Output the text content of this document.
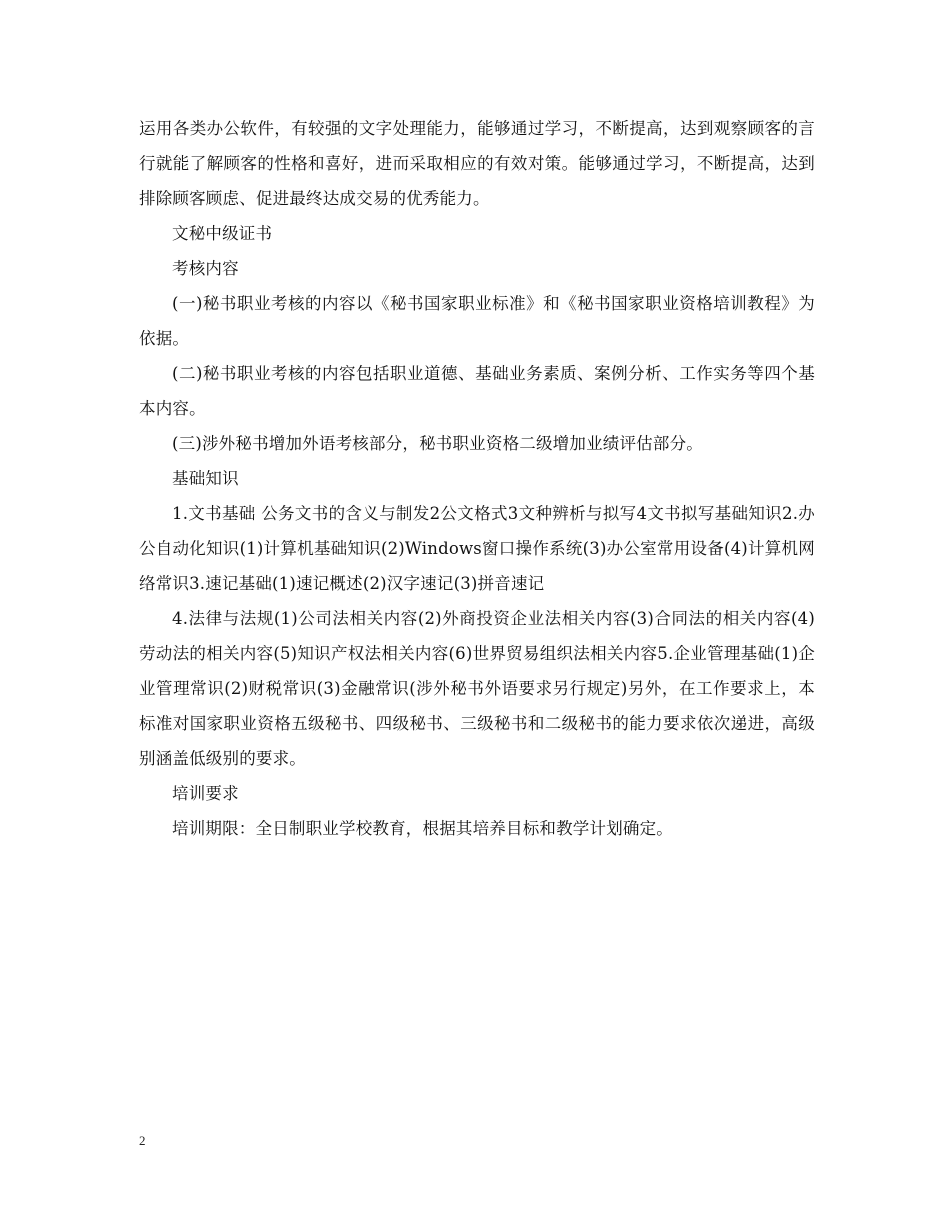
运用各类办公软件，有较强的文字处理能力，能够通过学习，不断提高，达到观察顾客的言行就能了解顾客的性格和喜好，进而采取相应的有效对策。能够通过学习，不断提高，达到排除顾客顾虑、促进最终达成交易的优秀能力。

文秘中级证书

考核内容

(一)秘书职业考核的内容以《秘书国家职业标准》和《秘书国家职业资格培训教程》为依据。

(二)秘书职业考核的内容包括职业道德、基础业务素质、案例分析、工作实务等四个基本内容。

(三)涉外秘书增加外语考核部分，秘书职业资格二级增加业绩评估部分。

基础知识

1.文书基础 公务文书的含义与制发2公文格式3文种辨析与拟写4文书拟写基础知识2.办公自动化知识(1)计算机基础知识(2)Windows窗口操作系统(3)办公室常用设备(4)计算机网络常识3.速记基础(1)速记概述(2)汉字速记(3)拼音速记

4.法律与法规(1)公司法相关内容(2)外商投资企业法相关内容(3)合同法的相关内容(4)劳动法的相关内容(5)知识产权法相关内容(6)世界贸易组织法相关内容5.企业管理基础(1)企业管理常识(2)财税常识(3)金融常识(涉外秘书外语要求另行规定)另外，在工作要求上，本标准对国家职业资格五级秘书、四级秘书、三级秘书和二级秘书的能力要求依次递进，高级别涵盖低级别的要求。

培训要求

培训期限：全日制职业学校教育，根据其培养目标和教学计划确定。

2
